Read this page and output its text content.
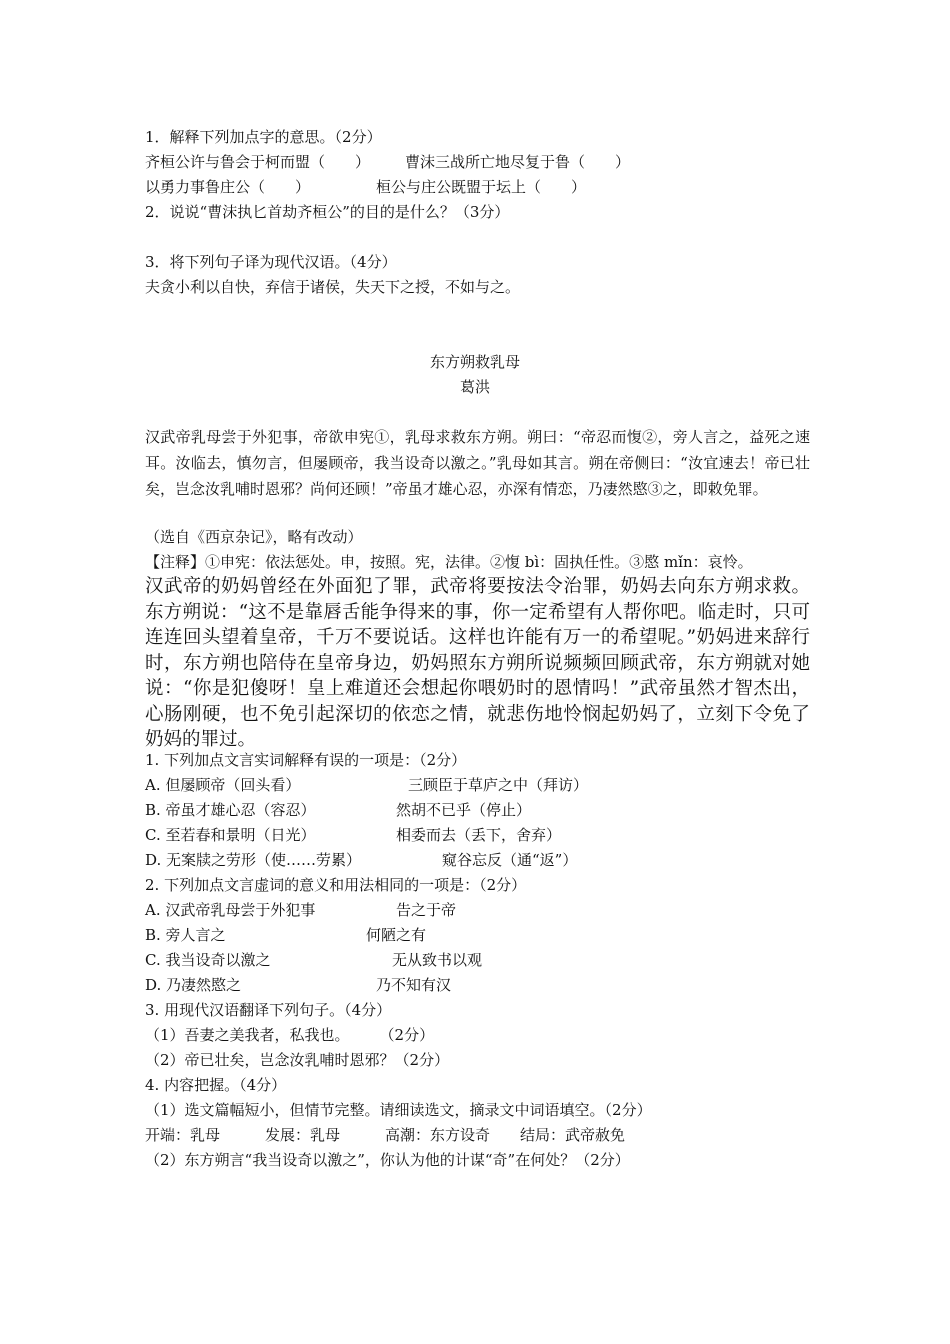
1．解释下列加点字的意思。（2分）
齐桓公许与鲁会于柯而盟（　　） 曹沫三战所亡地尽复于鲁（　　）
以勇力事鲁庄公（　　）	桓公与庄公既盟于坛上（　　）
2．说说“曹沫执匕首劫齐桓公”的目的是什么？（3分）
3．将下列句子译为现代汉语。（4分）
夫贪小利以自快，弃信于诸侯，失天下之授，不如与之。
东方朔救乳母
葛洪
汉武帝乳母尝于外犯事，帝欲申宪①，乳母求救东方朔。朔曰：“帝忍而愎②，旁人言之，益死之速耳。汝临去，慎勿言，但屡顾帝，我当设奇以激之。”乳母如其言。朔在帝侧曰：“汝宜速去！帝已壮矣，岂念汝乳哺时恩邪？尚何还顾！”帝虽才雄心忍，亦深有情恋，乃凄然愍③之，即敕免罪。
（选自《西京杂记》，略有改动）
【注释】①申宪：依法惩处。申，按照。宪，法律。②愎 bì：固执任性。③愍 mǐn：哀怜。
汉武帝的奶妈曾经在外面犯了罪，武帝将要按法令治罪，奶妈去向东方朔求救。东方朔说：“这不是靠唇舌能争得来的事，你一定希望有人帮你吧。临走时，只可连连回头望着皇帝，千万不要说话。这样也许能有万一的希望呢。”奶妈进来辞行时，东方朔也陪侍在皇帝身边，奶妈照东方朔所说频频回顾武帝，东方朔就对她说：“你是犯傻呀！皇上难道还会想起你喂奶时的恩情吗！”武帝虽然才智杰出，心肠刚硬，也不免引起深切的依恋之情，就悲伤地怜悯起奶妈了，立刻下令免了奶妈的罪过。
1. 下列加点文言实词解释有误的一项是：（2分）
A. 但屡顾帝（回头看）	三顾臣于草庐之中（拜访）
B. 帝虽才雄心忍（容忍）	然胡不已乎（停止）
C. 至若春和景明（日光）	相委而去（丢下，舍弃）
D. 无案牍之劳形（使……劳累）	窥谷忘反（通“返”）
2. 下列加点文言虚词的意义和用法相同的一项是：（2分）
A. 汉武帝乳母尝于外犯事	告之于帝
B. 旁人言之	何陋之有
C. 我当设奇以激之	无从致书以观
D. 乃凄然愍之	乃不知有汉
3. 用现代汉语翻译下列句子。（4分）
（1）吾妻之美我者，私我也。　　　（2分）
（2）帝已壮矣，岂念汝乳哺时恩邪？（2分）
4. 内容把握。（4分）
（1）选文篇幅短小，但情节完整。请细读选文，摘录文中词语填空。（2分）
开端：乳母　　　发展：乳母　　　高潮：东方设奇　　结局：武帝赦免
（2）东方朔言“我当设奇以激之”，你认为他的计谋“奇”在何处？（2分）
